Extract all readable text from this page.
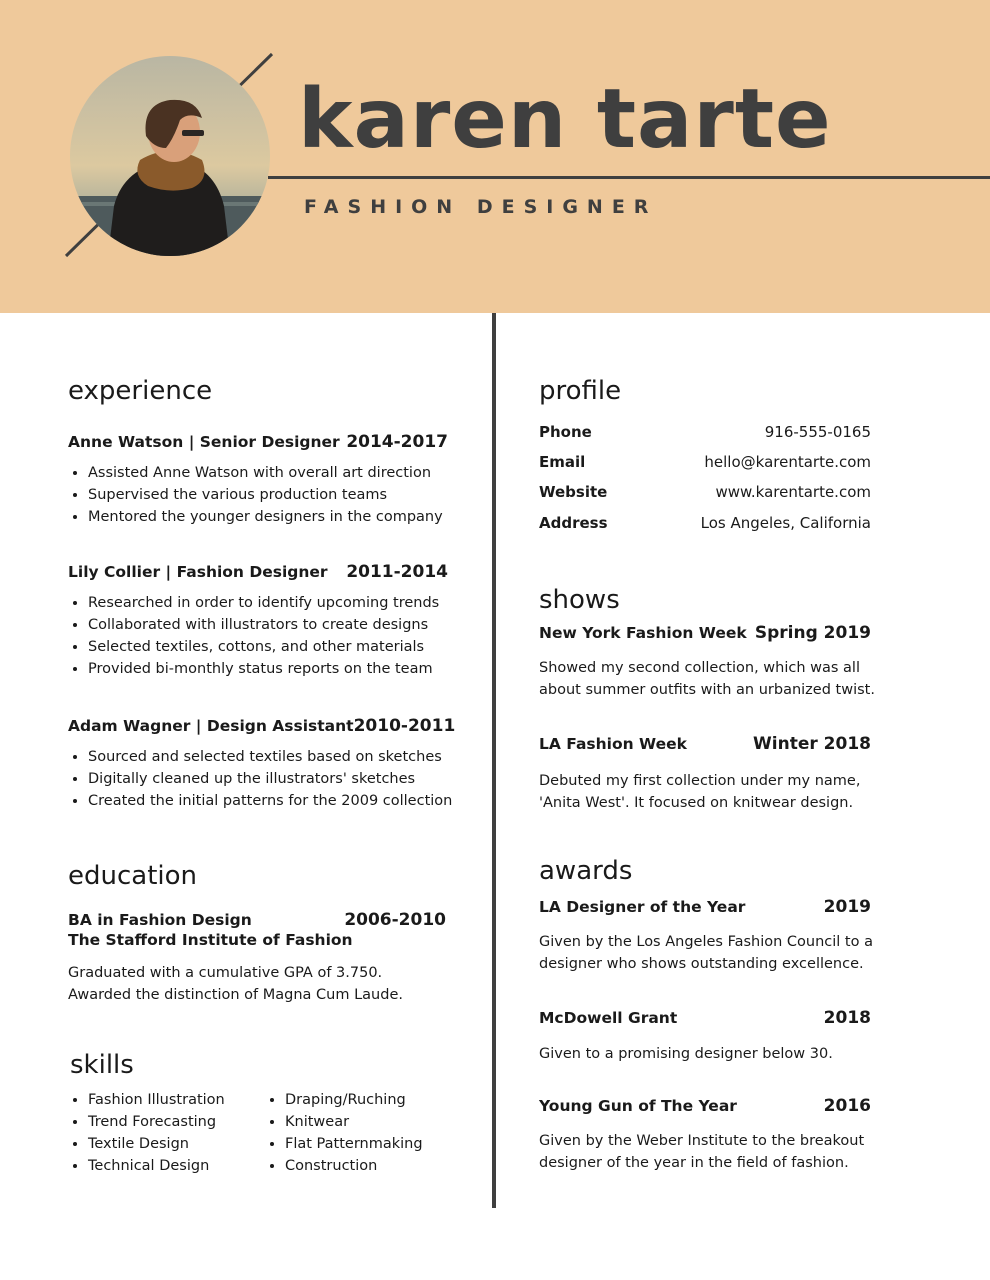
karen tarte
FASHION DESIGNER
experience
Anne Watson | Senior Designer 2014-2017
• Assisted Anne Watson with overall art direction
• Supervised the various production teams
• Mentored the younger designers in the company
Lily Collier | Fashion Designer 2011-2014
• Researched in order to identify upcoming trends
• Collaborated with illustrators to create designs
• Selected textiles, cottons, and other materials
• Provided bi-monthly status reports on the team
Adam Wagner | Design Assistant 2010-2011
• Sourced and selected textiles based on sketches
• Digitally cleaned up the illustrators' sketches
• Created the initial patterns for the 2009 collection
education
BA in Fashion Design	2006-2010
The Stafford Institute of Fashion
Graduated with a cumulative GPA of 3.750.
Awarded the distinction of Magna Cum Laude.
skills
• Fashion Illustration
• Trend Forecasting
• Textile Design
• Technical Design
• Draping/Ruching
• Knitwear
• Flat Patternmaking
• Construction
profile
Phone	916-555-0165
Email	hello@karentarte.com
Website	www.karentarte.com
Address	Los Angeles, California
shows
New York Fashion Week Spring 2019
Showed my second collection, which was all
about summer outfits with an urbanized twist.
LA Fashion Week	Winter 2018
Debuted my first collection under my name,
'Anita West'. It focused on knitwear design.
awards
LA Designer of the Year	2019
Given by the Los Angeles Fashion Council to a
designer who shows outstanding excellence.
McDowell Grant	2018
Given to a promising designer below 30.
Young Gun of The Year	2016
Given by the Weber Institute to the breakout
designer of the year in the field of fashion.
